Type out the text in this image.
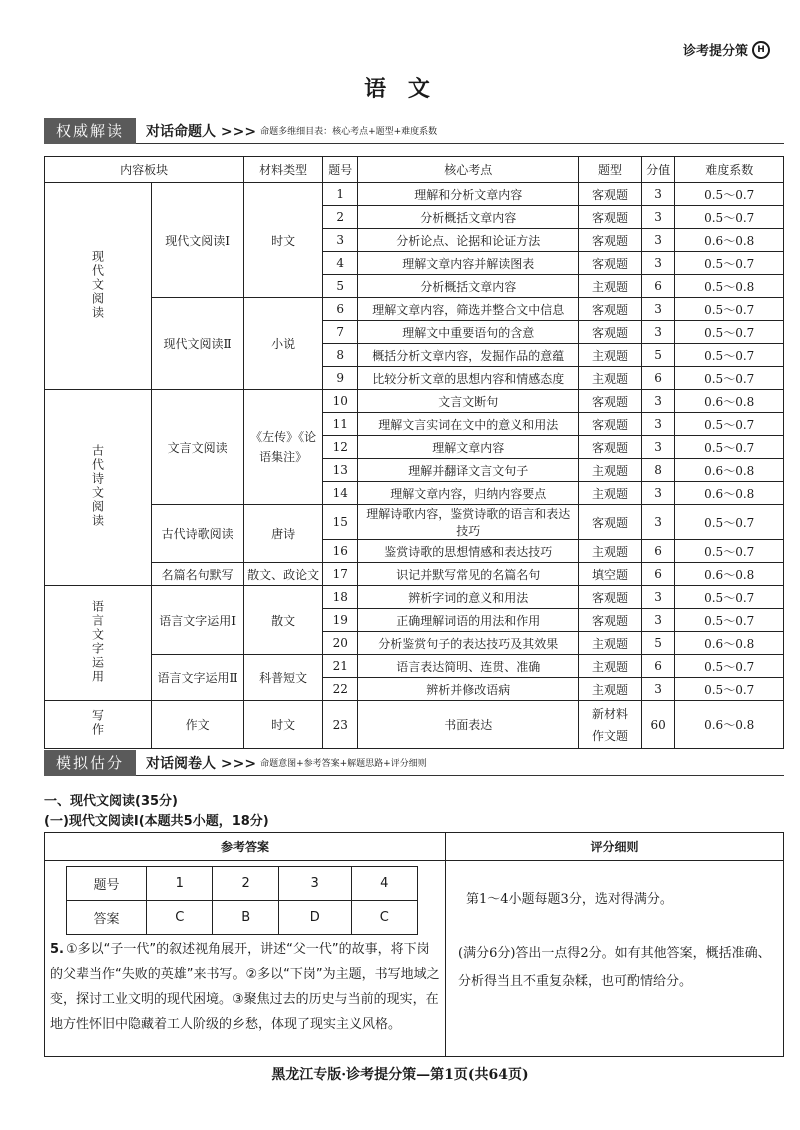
诊考提分策	H
语 文
权威解读	对话命题人 >>> 命题多维细目表：核心考点+题型+难度系数
内容板块		材料类型	题号	核心考点	题型	分值	难度系数
现代文阅读	现代文阅读Ⅰ	时文	1	理解和分析文章内容	客观题	3	0.5～0.7
			2	分析概括文章内容	客观题	3	0.5～0.7
			3	分析论点、论据和论证方法	客观题	3	0.6～0.8
			4	理解文章内容并解读图表	客观题	3	0.5～0.7
			5	分析概括文章内容	主观题	6	0.5～0.8
	现代文阅读Ⅱ	小说	6	理解文章内容，筛选并整合文中信息	客观题	3	0.5～0.7
			7	理解文中重要语句的含意	客观题	3	0.5～0.7
			8	概括分析文章内容，发掘作品的意蕴	主观题	5	0.5～0.7
			9	比较分析文章的思想内容和情感态度	主观题	6	0.5～0.7
古代诗文阅读	文言文阅读	《左传》《论语集注》	10	文言文断句	客观题	3	0.6～0.8
			11	理解文言实词在文中的意义和用法	客观题	3	0.5～0.7
			12	理解文章内容	客观题	3	0.5～0.7
			13	理解并翻译文言文句子	主观题	8	0.6～0.8
			14	理解文章内容，归纳内容要点	主观题	3	0.6～0.8
	古代诗歌阅读	唐诗	15	理解诗歌内容，鉴赏诗歌的语言和表达技巧	客观题	3	0.5～0.7
			16	鉴赏诗歌的思想情感和表达技巧	主观题	6	0.5～0.7
	名篇名句默写	散文、政论文	17	识记并默写常见的名篇名句	填空题	6	0.6～0.8
语言文字运用	语言文字运用Ⅰ	散文	18	辨析字词的意义和用法	客观题	3	0.5～0.7
			19	正确理解词语的用法和作用	客观题	3	0.5～0.7
			20	分析鉴赏句子的表达技巧及其效果	主观题	5	0.6～0.8
	语言文字运用Ⅱ	科普短文	21	语言表达简明、连贯、准确	主观题	6	0.5～0.7
			22	辨析并修改语病	主观题	3	0.5～0.7
写作	作文	时文	23	书面表达	新材料作文题	60	0.6～0.8
模拟估分	对话阅卷人 >>> 命题意图+参考答案+解题思路+评分细则
一、现代文阅读(35分)
(一)现代文阅读Ⅰ(本题共5小题，18分)
参考答案	评分细则
题号	1	2	3	4
答案	C	B	D	C
5. ①多以“子一代”的叙述视角展开，讲述“父一代”的故事，将下岗的父辈当作“失败的英雄”来书写。②多以“下岗”为主题，书写地域之变，探讨工业文明的现代困境。③聚焦过去的历史与当前的现实，在地方性怀旧中隐藏着工人阶级的乡愁，体现了现实主义风格。
第1～4小题每题3分，选对得满分。
(满分6分)答出一点得2分。如有其他答案，概括准确、分析得当且不重复杂糅，也可酌情给分。
黑龙江专版·诊考提分策—第1页(共64页)
